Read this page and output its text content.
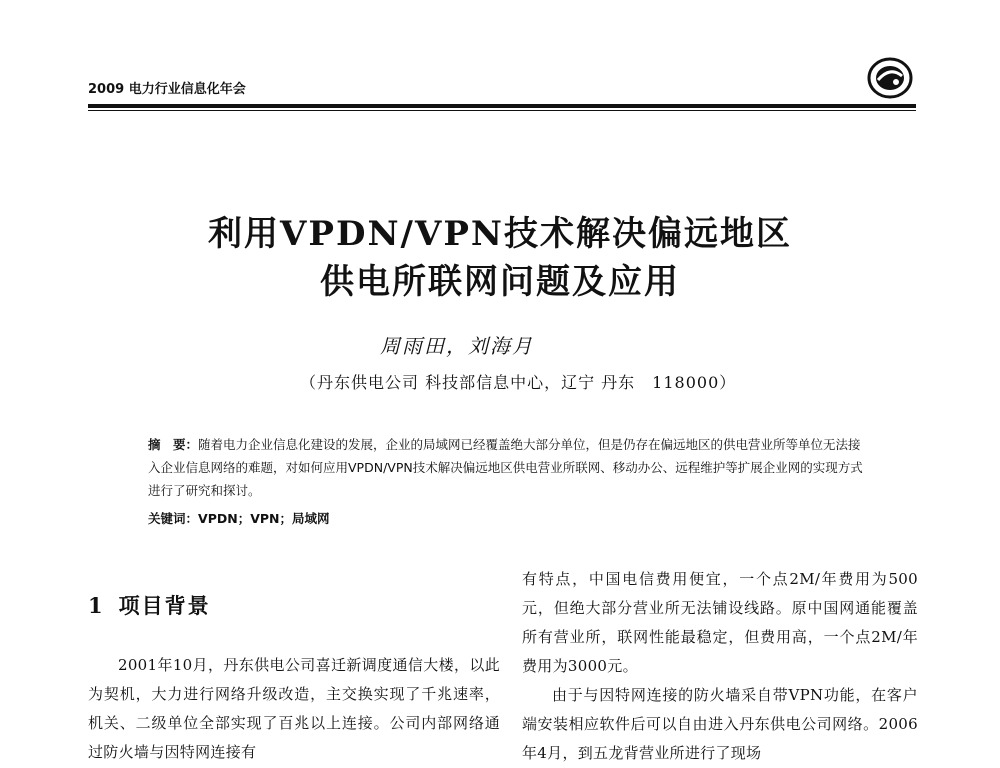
2009 电力行业信息化年会
利用VPDN/VPN技术解决偏远地区
供电所联网问题及应用
周雨田，刘海月
（丹东供电公司 科技部信息中心，辽宁 丹东　118000）
摘　要：随着电力企业信息化建设的发展，企业的局域网已经覆盖绝大部分单位，但是仍存在偏远地区的供电营业所等单位无法接入企业信息网络的难题，对如何应用VPDN/VPN技术解决偏远地区供电营业所联网、移动办公、远程维护等扩展企业网的实现方式进行了研究和探讨。
关键词：VPDN；VPN；局域网
1 项目背景

2001年10月，丹东供电公司喜迁新调度通信大楼，以此为契机，大力进行网络升级改造，主交换实现了千兆速率，机关、二级单位全部实现了百兆以上连接。公司内部网络通过防火墙与因特网连接有

有特点，中国电信费用便宜，一个点2M/年费用为500元，但绝大部分营业所无法铺设线路。原中国网通能覆盖所有营业所，联网性能最稳定，但费用高，一个点2M/年费用为3000元。

由于与因特网连接的防火墙采自带VPN功能，在客户端安装相应软件后可以自由进入丹东供电公司网络。2006年4月，到五龙背营业所进行了现场
